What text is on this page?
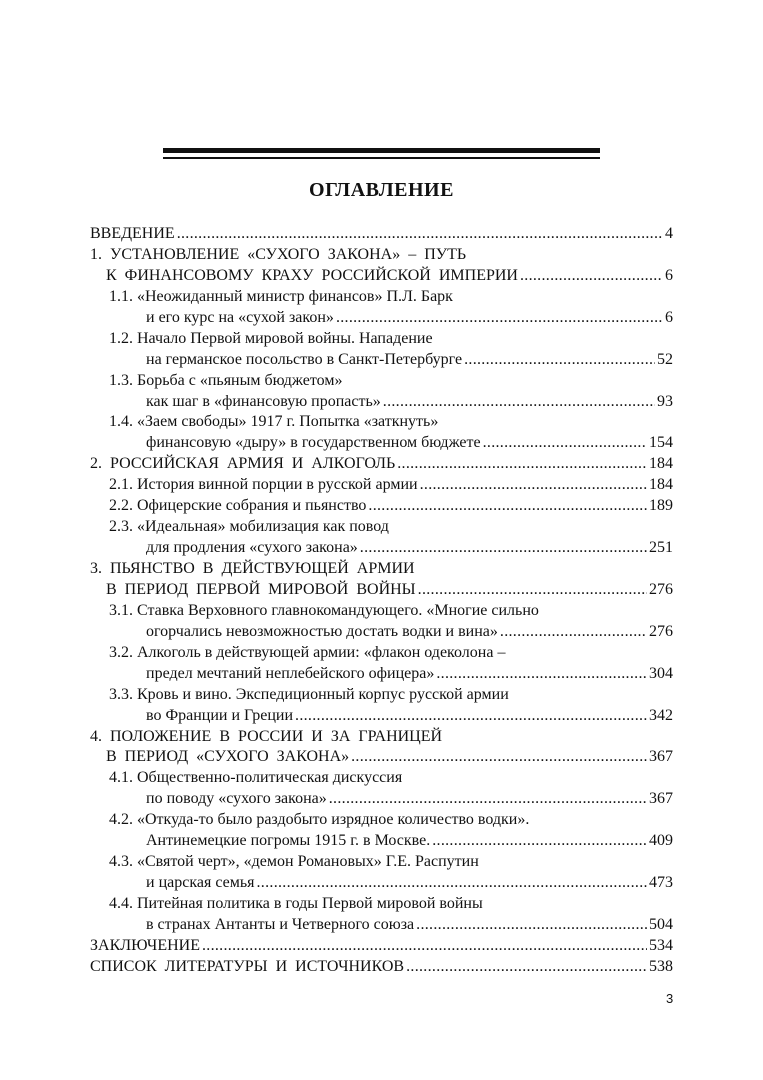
ОГЛАВЛЕНИЕ
ВВЕДЕНИЕ .....	4
1. УСТАНОВЛЕНИЕ «СУХОГО ЗАКОНА» – ПУТЬ
К ФИНАНСОВОМУ КРАХУ РОССИЙСКОЙ ИМПЕРИИ .....	6
1.1. «Неожиданный министр финансов» П.Л. Барк
и его курс на «сухой закон» .....	6
1.2. Начало Первой мировой войны. Нападение
на германское посольство в Санкт-Петербурге .....	52
1.3. Борьба с «пьяным бюджетом»
как шаг в «финансовую пропасть» .....	93
1.4. «Заем свободы» 1917 г. Попытка «заткнуть»
финансовую «дыру» в государственном бюджете .....	154
2. РОССИЙСКАЯ АРМИЯ И АЛКОГОЛЬ .....	184
2.1. История винной порции в русской армии .....	184
2.2. Офицерские собрания и пьянство .....	189
2.3. «Идеальная» мобилизация как повод
для продления «сухого закона» .....	251
3. ПЬЯНСТВО В ДЕЙСТВУЮЩЕЙ АРМИИ
В ПЕРИОД ПЕРВОЙ МИРОВОЙ ВОЙНЫ .....	276
3.1. Ставка Верховного главнокомандующего. «Многие сильно
огорчались невозможностью достать водки и вина» .....	276
3.2. Алкоголь в действующей армии: «флакон одеколона –
предел мечтаний неплебейского офицера» .....	304
3.3. Кровь и вино. Экспедиционный корпус русской армии
во Франции и Греции .....	342
4. ПОЛОЖЕНИЕ В РОССИИ И ЗА ГРАНИЦЕЙ
В ПЕРИОД «СУХОГО ЗАКОНА» .....	367
4.1. Общественно-политическая дискуссия
по поводу «сухого закона» .....	367
4.2. «Откуда-то было раздобыто изрядное количество водки».
Антинемецкие погромы 1915 г. в Москве. .....	409
4.3. «Святой черт», «демон Романовых» Г.Е. Распутин
и царская семья .....	473
4.4. Питейная политика в годы Первой мировой войны
в странах Антанты и Четверного союза .....	504
ЗАКЛЮЧЕНИЕ .....	534
СПИСОК ЛИТЕРАТУРЫ И ИСТОЧНИКОВ .....	538
3
